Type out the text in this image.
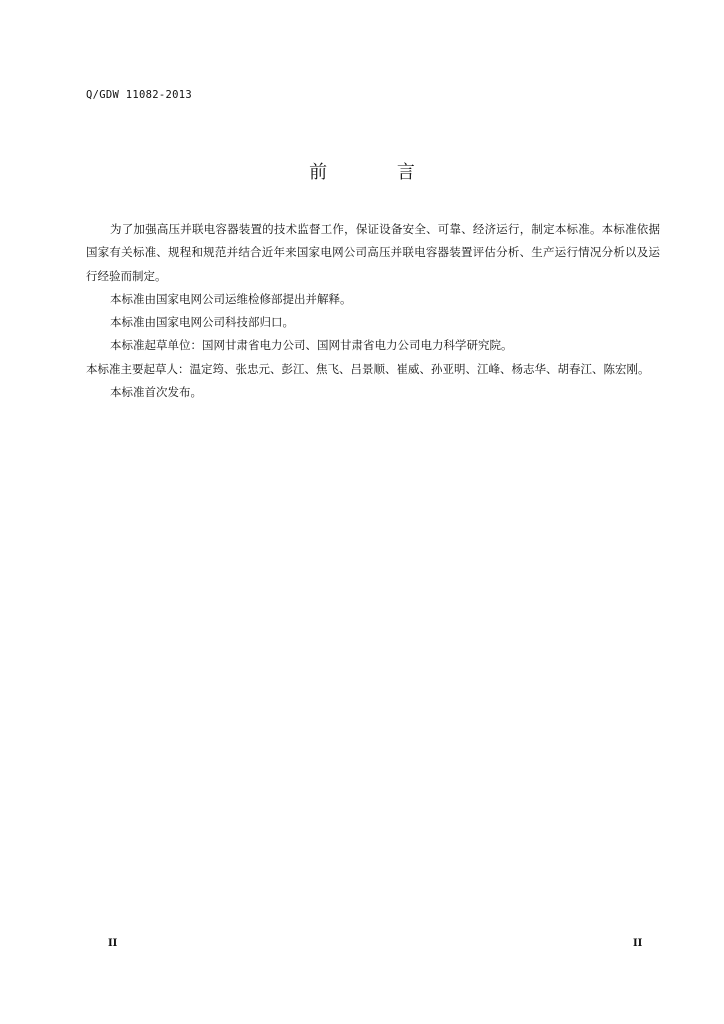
Q/GDW 11082-2013
前 言

为了加强高压并联电容器装置的技术监督工作，保证设备安全、可靠、经济运行，制定本标准。本标准依据国家有关标准、规程和规范并结合近年来国家电网公司高压并联电容器装置评估分析、生产运行情况分析以及运行经验而制定。

本标准由国家电网公司运维检修部提出并解释。

本标准由国家电网公司科技部归口。

本标准起草单位：国网甘肃省电力公司、国网甘肃省电力公司电力科学研究院。

本标准主要起草人：温定筠、张忠元、彭江、焦飞、吕景顺、崔威、孙亚明、江峰、杨志华、胡春江、陈宏刚。

本标准首次发布。

II	II
